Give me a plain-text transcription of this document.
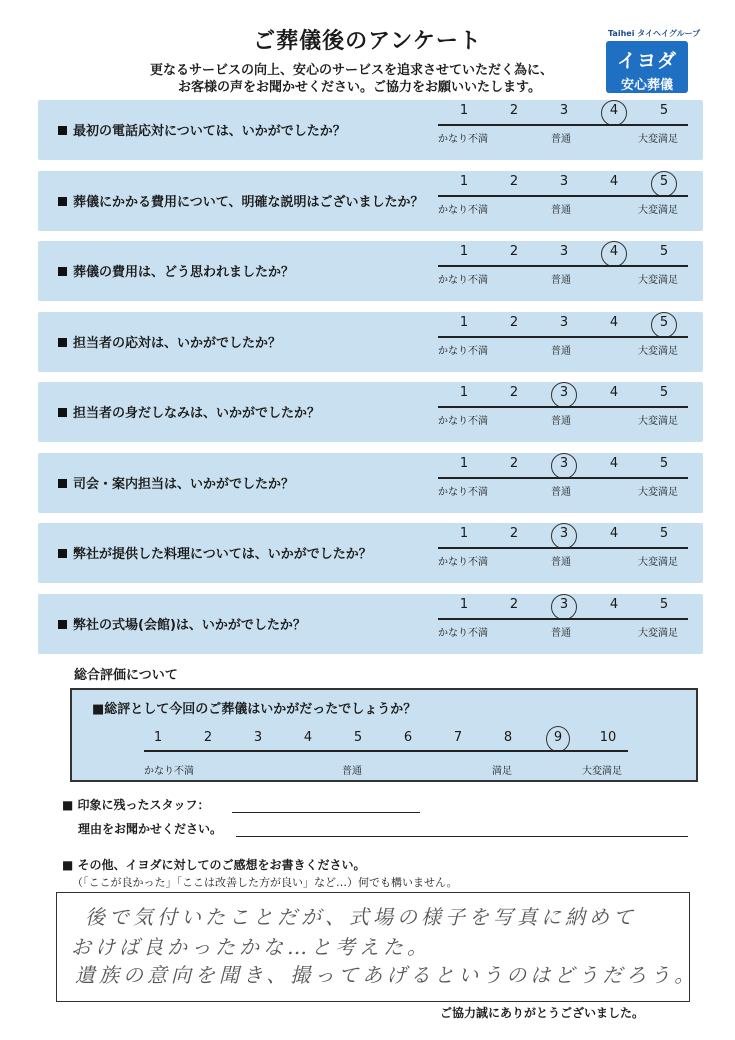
ご葬儀後のアンケート
更なるサービスの向上、安心のサービスを追求させていただく為に、
お客様の声をお聞かせください。ご協力をお願いいたします。
Taihei タイヘイグループ
イヨダ
安心葬儀
最初の電話応対については、いかがでしたか？
1	2	3	4	5
かなり不満	普通	大変満足
葬儀にかかる費用について、明確な説明はございましたか？
1	2	3	4	5
かなり不満	普通	大変満足
葬儀の費用は、どう思われましたか？
1	2	3	4	5
かなり不満	普通	大変満足
担当者の応対は、いかがでしたか？
1	2	3	4	5
かなり不満	普通	大変満足
担当者の身だしなみは、いかがでしたか？
1	2	3	4	5
かなり不満	普通	大変満足
司会・案内担当は、いかがでしたか？
1	2	3	4	5
かなり不満	普通	大変満足
弊社が提供した料理については、いかがでしたか？
1	2	3	4	5
かなり不満	普通	大変満足
弊社の式場(会館)は、いかがでしたか？
1	2	3	4	5
かなり不満	普通	大変満足
総合評価について
■総評として今回のご葬儀はいかがだったでしょうか？
1	2	3	4	5	6	7	8	9	10
かなり不満	普通	満足	大変満足
■ 印象に残ったスタッフ：
理由をお聞かせください。
■ その他、イヨダに対してのご感想をお書きください。
（「ここが良かった」「ここは改善した方が良い」など…）何でも構いません。
後で気付いたことだが、式場の様子を写真に納めて
おけば良かったかな…と考えた。
遺族の意向を聞き、撮ってあげるというのはどうだろう。
ご協力誠にありがとうございました。
